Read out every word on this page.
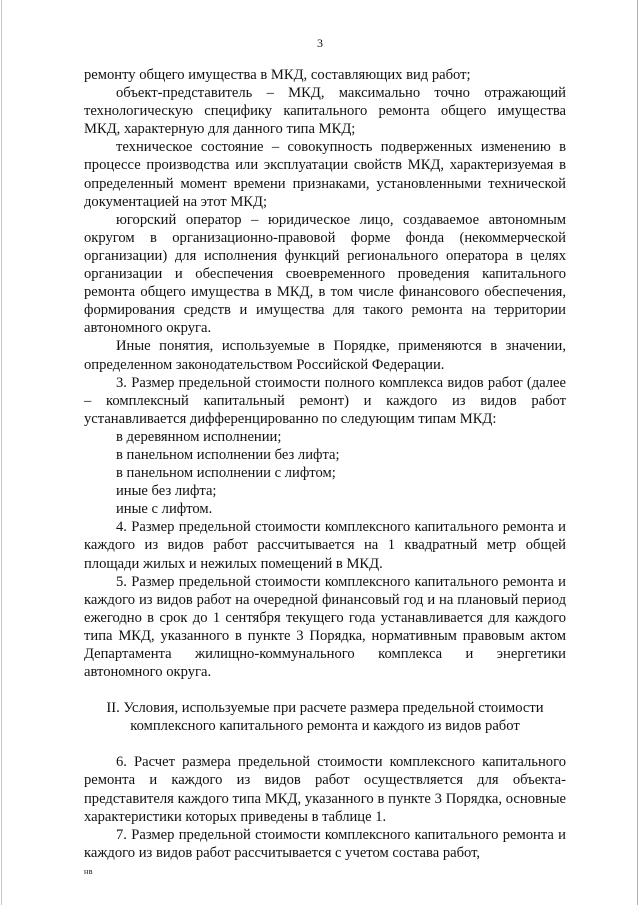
3

ремонту общего имущества в МКД, составляющих вид работ;

объект-представитель – МКД, максимально точно отражающий технологическую специфику капитального ремонта общего имущества МКД, характерную для данного типа МКД;

техническое состояние – совокупность подверженных изменению в процессе производства или эксплуатации свойств МКД, характеризуемая в определенный момент времени признаками, установленными технической документацией на этот МКД;

югорский оператор – юридическое лицо, создаваемое автономным округом в организационно-правовой форме фонда (некоммерческой организации) для исполнения функций регионального оператора в целях организации и обеспечения своевременного проведения капитального ремонта общего имущества в МКД, в том числе финансового обеспечения, формирования средств и имущества для такого ремонта на территории автономного округа.

Иные понятия, используемые в Порядке, применяются в значении, определенном законодательством Российской Федерации.

3. Размер предельной стоимости полного комплекса видов работ (далее – комплексный капитальный ремонт) и каждого из видов работ устанавливается дифференцированно по следующим типам МКД:

в деревянном исполнении;

в панельном исполнении без лифта;

в панельном исполнении с лифтом;

иные без лифта;

иные с лифтом.

4. Размер предельной стоимости комплексного капитального ремонта и каждого из видов работ рассчитывается на 1 квадратный метр общей площади жилых и нежилых помещений в МКД.

5. Размер предельной стоимости комплексного капитального ремонта и каждого из видов работ на очередной финансовый год и на плановый период ежегодно в срок до 1 сентября текущего года устанавливается для каждого типа МКД, указанного в пункте 3 Порядка, нормативным правовым актом Департамента жилищно-коммунального комплекса и энергетики автономного округа.

II. Условия, используемые при расчете размера предельной стоимости
комплексного капитального ремонта и каждого из видов работ

6. Расчет размера предельной стоимости комплексного капитального ремонта и каждого из видов работ осуществляется для объекта-представителя каждого типа МКД, указанного в пункте 3 Порядка, основные характеристики которых приведены в таблице 1.

7. Размер предельной стоимости комплексного капитального ремонта и каждого из видов работ рассчитывается с учетом состава работ,

нв
